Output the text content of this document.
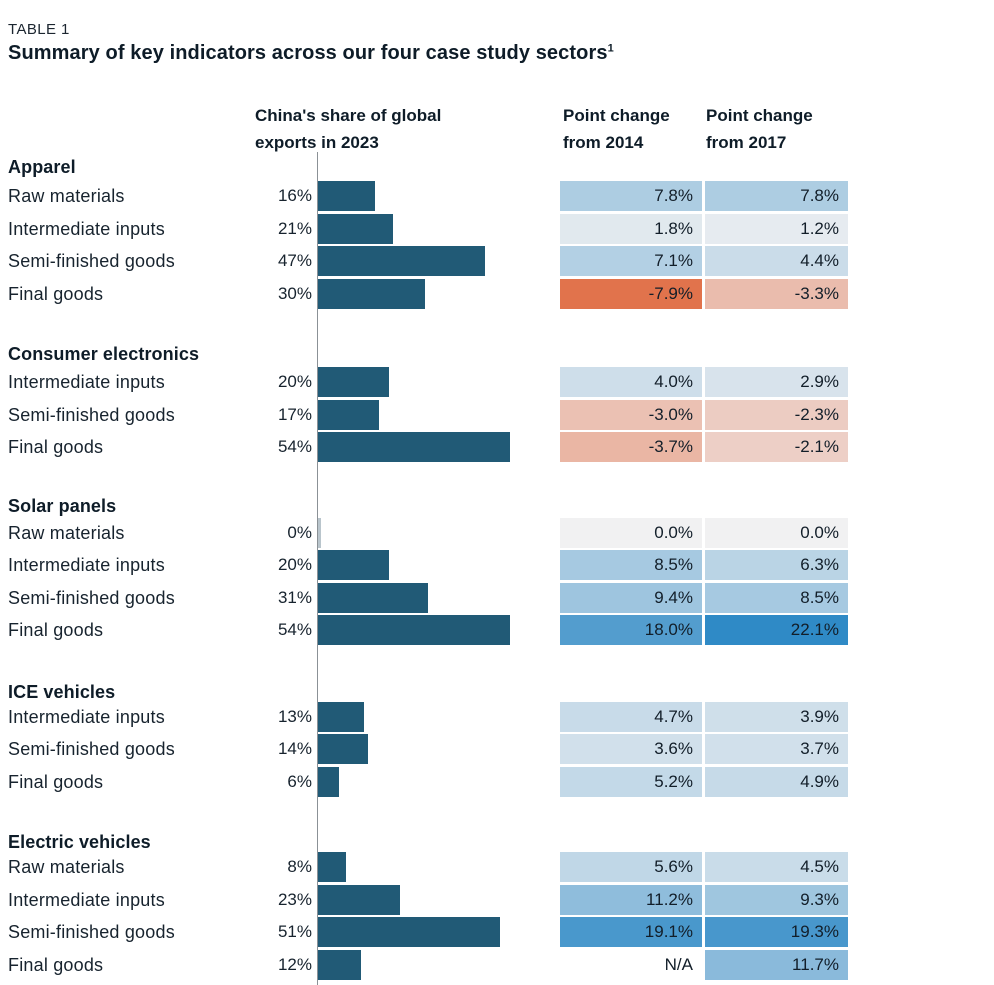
TABLE 1
Summary of key indicators across our four case study sectors$^1$
China's share of global exports in 2023
Point change from 2014
Point change from 2017
Apparel
Raw materials	16%	7.8%	7.8%
Intermediate inputs	21%	1.8%	1.2%
Semi-finished goods	47%	7.1%	4.4%
Final goods	30%	-7.9%	-3.3%
Consumer electronics
Intermediate inputs	20%	4.0%	2.9%
Semi-finished goods	17%	-3.0%	-2.3%
Final goods	54%	-3.7%	-2.1%
Solar panels
Raw materials	0%	0.0%	0.0%
Intermediate inputs	20%	8.5%	6.3%
Semi-finished goods	31%	9.4%	8.5%
Final goods	54%	18.0%	22.1%
ICE vehicles
Intermediate inputs	13%	4.7%	3.9%
Semi-finished goods	14%	3.6%	3.7%
Final goods	6%	5.2%	4.9%
Electric vehicles
Raw materials	8%	5.6%	4.5%
Intermediate inputs	23%	11.2%	9.3%
Semi-finished goods	51%	19.1%	19.3%
Final goods	12%	N/A	11.7%
